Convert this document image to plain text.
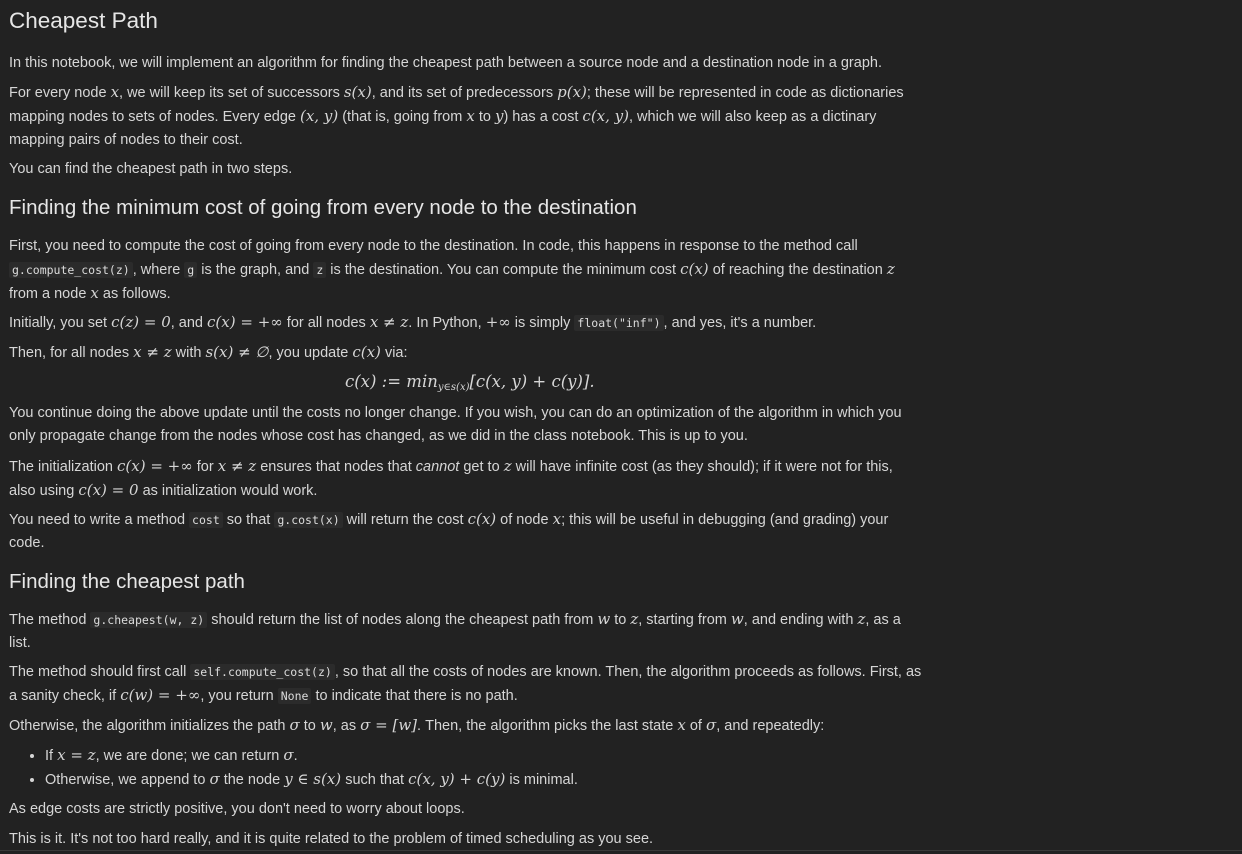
Cheapest Path

In this notebook, we will implement an algorithm for finding the cheapest path between a source node and a destination node in a graph.

For every node x, we will keep its set of successors s(x), and its set of predecessors p(x); these will be represented in code as dictionaries
mapping nodes to sets of nodes. Every edge (x, y) (that is, going from x to y) has a cost c(x, y), which we will also keep as a dictinary
mapping pairs of nodes to their cost.

You can find the cheapest path in two steps.

Finding the minimum cost of going from every node to the destination

First, you need to compute the cost of going from every node to the destination. In code, this happens in response to the method call
g.compute_cost(z) , where g is the graph, and z is the destination. You can compute the minimum cost c(x) of reaching the destination z
from a node x as follows.

Initially, you set c(z) = 0, and c(x) = +∞ for all nodes x ≠ z. In Python, +∞ is simply float("inf") , and yes, it's a number.

Then, for all nodes x ≠ z with s(x) ≠ ∅, you update c(x) via:

c(x) := $\min_{y\in s(x)}[c(x$, y) + c(y)].

You continue doing the above update until the costs no longer change. If you wish, you can do an optimization of the algorithm in which you
only propagate change from the nodes whose cost has changed, as we did in the class notebook. This is up to you.

The initialization c(x) = +∞ for x ≠ z ensures that nodes that cannot get to z will have infinite cost (as they should); if it were not for this,
also using c(x) = 0 as initialization would work.

You need to write a method cost so that g.cost(x) will return the cost c(x) of node x; this will be useful in debugging (and grading) your
code.

Finding the cheapest path

The method g.cheapest(w, z) should return the list of nodes along the cheapest path from w to z, starting from w, and ending with z, as a
list.

The method should first call self.compute_cost(z) , so that all the costs of nodes are known. Then, the algorithm proceeds as follows. First, as
a sanity check, if c(w) = +∞, you return None to indicate that there is no path.

Otherwise, the algorithm initializes the path σ to w, as σ = [w]. Then, the algorithm picks the last state x of σ, and repeatedly:

• If x = z, we are done; we can return σ.
• Otherwise, we append to σ the node y ∈ s(x) such that c(x, y) + c(y) is minimal.

As edge costs are strictly positive, you don't need to worry about loops.

This is it. It's not too hard really, and it is quite related to the problem of timed scheduling as you see.
